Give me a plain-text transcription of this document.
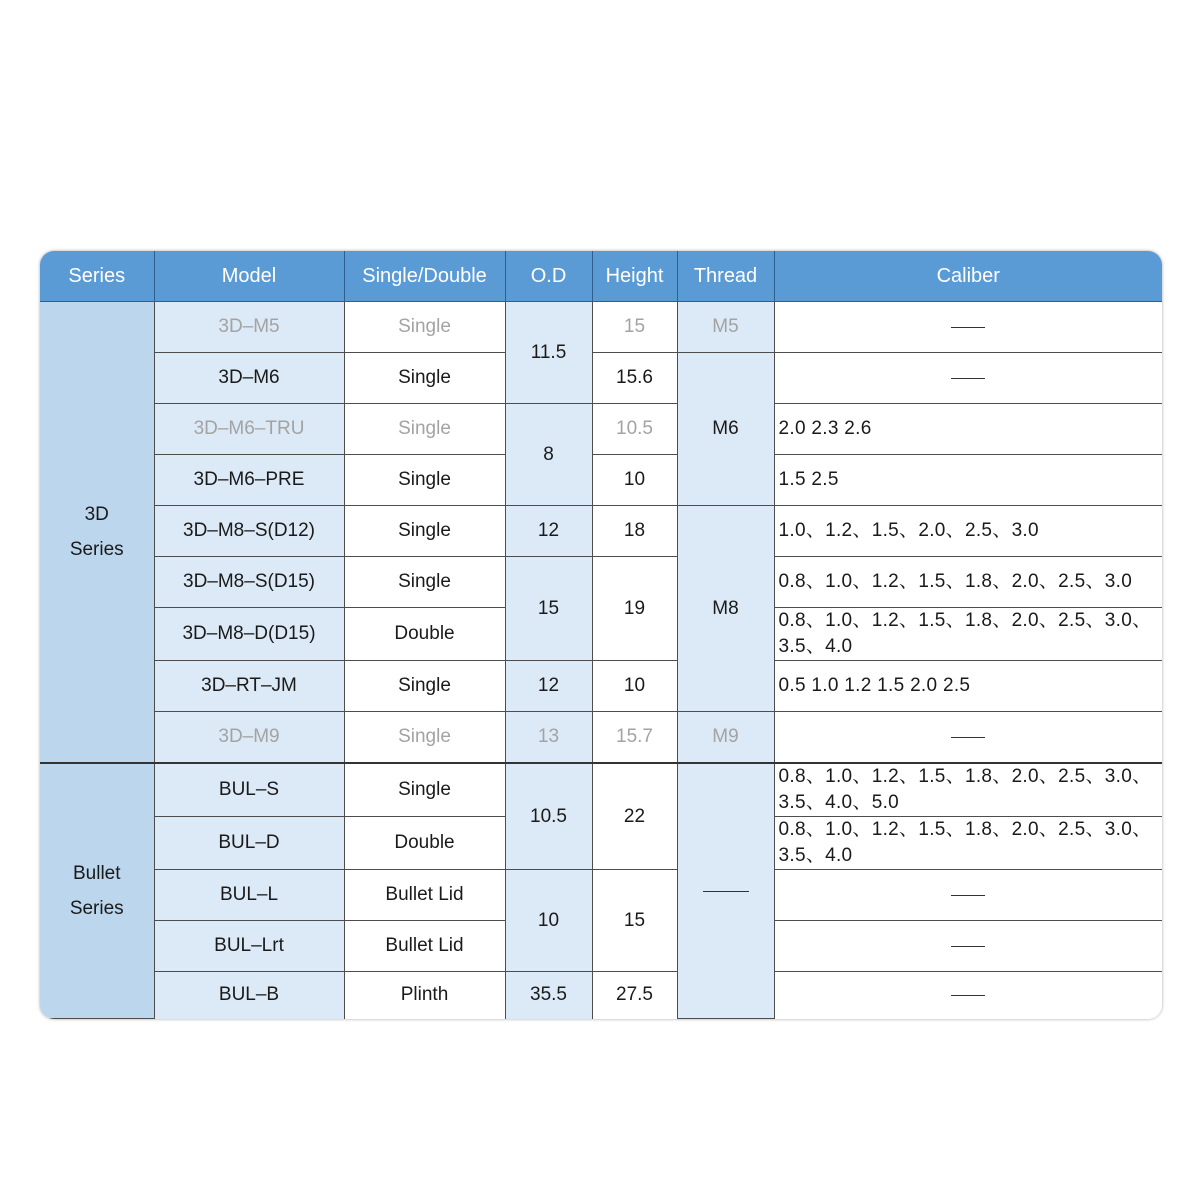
Series	Model	Single/Double	O.D	Height	Thread	Caliber
3D
Series	3D–M5	Single	11.5	15	M5	
	3D–M6	Single		15.6	M6	
	3D–M6–TRU	Single	8	10.5		2.0 2.3 2.6
	3D–M6–PRE	Single		10		1.5 2.5
	3D–M8–S(D12)	Single	12	18	M8	1.0、1.2、1.5、2.0、2.5、3.0
	3D–M8–S(D15)	Single	15	19		0.8、1.0、1.2、1.5、1.8、2.0、2.5、3.0
	3D–M8–D(D15)	Double				0.8、1.0、1.2、1.5、1.8、2.0、2.5、3.0、
3.5、4.0
	3D–RT–JM	Single	12	10		0.5 1.0 1.2 1.5 2.0 2.5
	3D–M9	Single	13	15.7	M9	
Bullet
Series	BUL–S	Single	10.5	22		0.8、1.0、1.2、1.5、1.8、2.0、2.5、3.0、
3.5、4.0、5.0
	BUL–D	Double				0.8、1.0、1.2、1.5、1.8、2.0、2.5、3.0、
3.5、4.0
	BUL–L	Bullet Lid	10	15		
	BUL–Lrt	Bullet Lid				
	BUL–B	Plinth	35.5	27.5		
